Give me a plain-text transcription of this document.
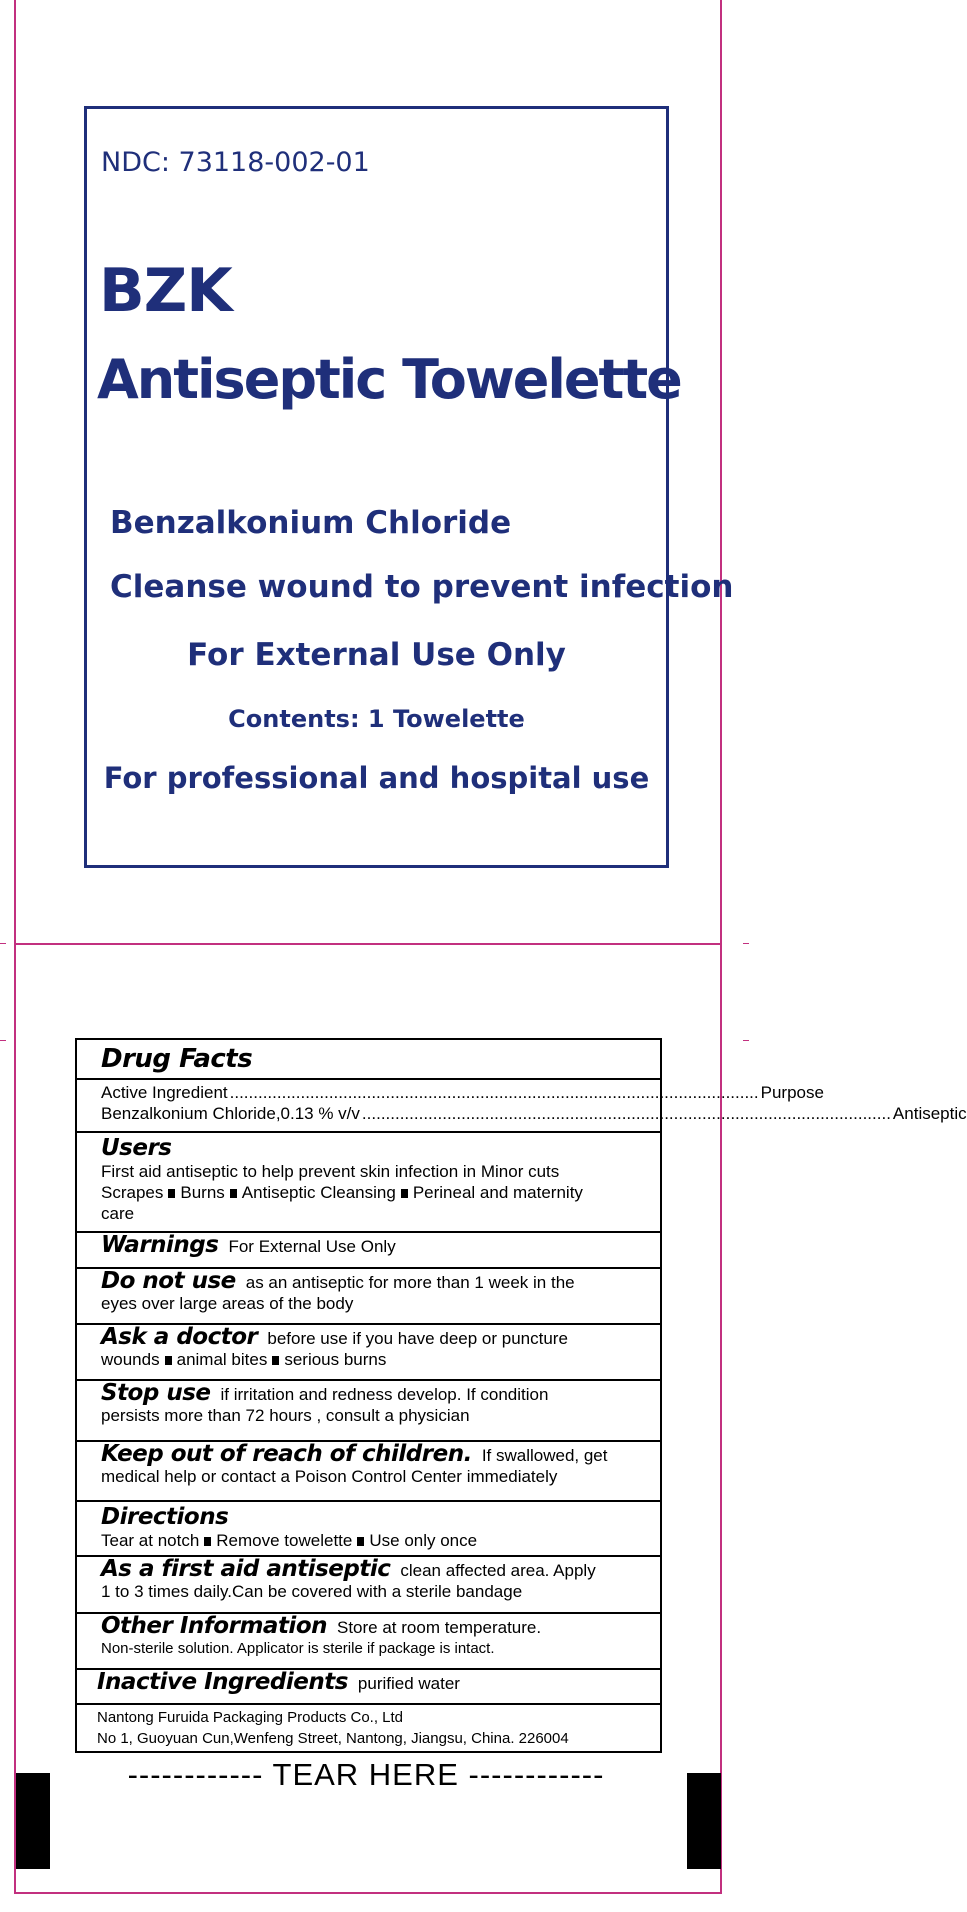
NDC: 73118-002-01
BZK
Antiseptic Towelette
Benzalkonium Chloride
Cleanse wound to prevent infection
For External Use Only
Contents: 1 Towelette
For professional and hospital use
Drug Facts
Active Ingredient ................................................................................................................ Purpose
Benzalkonium Chloride,0.13 % v/v ................................................................................................................ Antiseptic
Users
First aid antiseptic to help prevent skin infection in Minor cuts
Scrapes Burns Antiseptic Cleansing Perineal and maternity
care
Warnings For External Use Only
Do not use as an antiseptic for more than 1 week in the
eyes over large areas of the body
Ask a doctor before use if you have deep or puncture
wounds animal bites serious burns
Stop use if irritation and redness develop. If condition
persists more than 72 hours , consult a physician
Keep out of reach of children. If swallowed, get
medical help or contact a Poison Control Center immediately
Directions
Tear at notch Remove towelette Use only once
As a first aid antiseptic clean affected area. Apply
1 to 3 times daily.Can be covered with a sterile bandage
Other Information Store at room temperature.
Non-sterile solution. Applicator is sterile if package is intact.
Inactive Ingredients purified water
Nantong Furuida Packaging Products Co., Ltd
No 1, Guoyuan Cun,Wenfeng Street, Nantong, Jiangsu, China. 226004
------------ TEAR HERE ------------
